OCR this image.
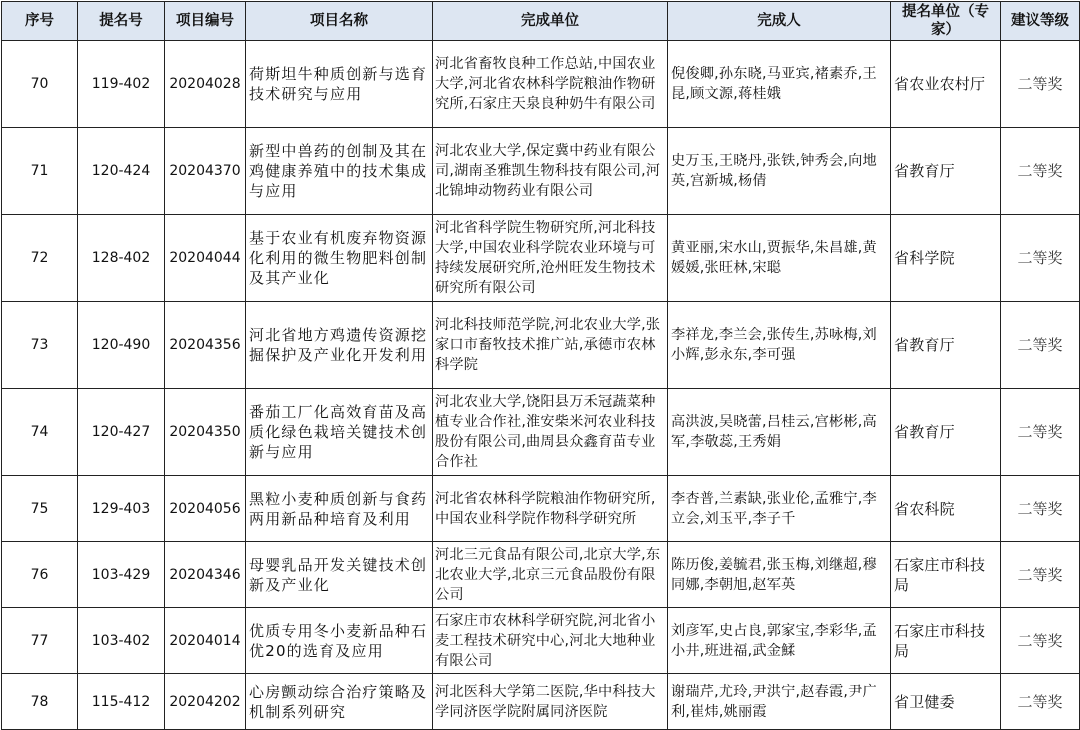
序号	提名号	项目编号	项目名称	完成单位	完成人	提名单位（专家）	建议等级
70	119-402	20204028	荷斯坦牛种质创新与选育技术研究与应用	河北省畜牧良种工作总站,中国农业大学,河北省农林科学院粮油作物研究所,石家庄天泉良种奶牛有限公司	倪俊卿,孙东晓,马亚宾,褚素乔,王昆,顾文源,蒋桂娥	省农业农村厅	二等奖
71	120-424	20204370	新型中兽药的创制及其在鸡健康养殖中的技术集成与应用	河北农业大学,保定冀中药业有限公司,湖南圣雅凯生物科技有限公司,河北锦坤动物药业有限公司	史万玉,王晓丹,张铁,钟秀会,向地英,宫新城,杨倩	省教育厅	二等奖
72	128-402	20204044	基于农业有机废弃物资源化利用的微生物肥料创制及其产业化	河北省科学院生物研究所,河北科技大学,中国农业科学院农业环境与可持续发展研究所,沧州旺发生物技术研究所有限公司	黄亚丽,宋水山,贾振华,朱昌雄,黄媛媛,张旺林,宋聪	省科学院	二等奖
73	120-490	20204356	河北省地方鸡遗传资源挖掘保护及产业化开发利用	河北科技师范学院,河北农业大学,张家口市畜牧技术推广站,承德市农林科学院	李祥龙,李兰会,张传生,苏咏梅,刘小辉,彭永东,李可强	省教育厅	二等奖
74	120-427	20204350	番茄工厂化高效育苗及高质化绿色栽培关键技术创新与应用	河北农业大学,饶阳县万禾冠蔬菜种植专业合作社,淮安柴米河农业科技股份有限公司,曲周县众鑫育苗专业合作社	高洪波,吴晓蕾,吕桂云,宫彬彬,高军,李敬蕊,王秀娟	省教育厅	二等奖
75	129-403	20204056	黑粒小麦种质创新与食药两用新品种培育及利用	河北省农林科学院粮油作物研究所,中国农业科学院作物科学研究所	李杏普,兰素缺,张业伦,孟雅宁,李立会,刘玉平,李子千	省农科院	二等奖
76	103-429	20204346	母婴乳品开发关键技术创新及产业化	河北三元食品有限公司,北京大学,东北农业大学,北京三元食品股份有限公司	陈历俊,姜毓君,张玉梅,刘继超,穆同娜,李朝旭,赵军英	石家庄市科技局	二等奖
77	103-402	20204014	优质专用冬小麦新品种石优20的选育及应用	石家庄市农林科学研究院,河北省小麦工程技术研究中心,河北大地种业有限公司	刘彦军,史占良,郭家宝,李彩华,孟小井,班进福,武金鰇	石家庄市科技局	二等奖
78	115-412	20204202	心房颤动综合治疗策略及机制系列研究	河北医科大学第二医院,华中科技大学同济医学院附属同济医院	谢瑞芹,尤玲,尹洪宁,赵春霞,尹广利,崔炜,姚丽霞	省卫健委	二等奖
